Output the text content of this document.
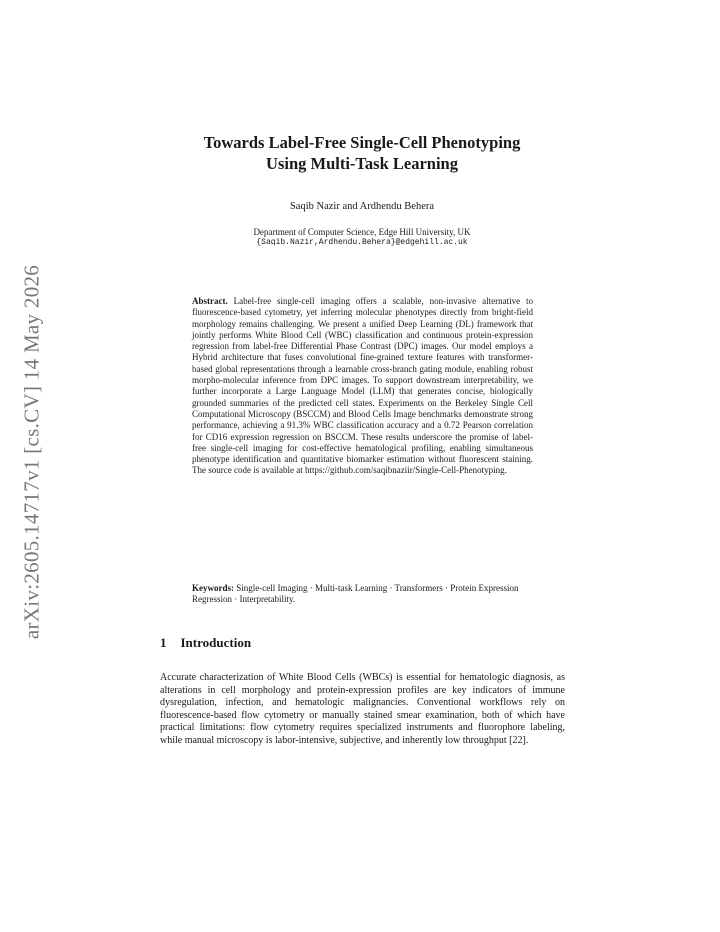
arXiv:2605.14717v1 [cs.CV] 14 May 2026
Towards Label-Free Single-Cell Phenotyping
Using Multi-Task Learning
Saqib Nazir and Ardhendu Behera
Department of Computer Science, Edge Hill University, UK
{Saqib.Nazir,Ardhendu.Behera}@edgehill.ac.uk
Abstract. Label-free single-cell imaging offers a scalable, non-invasive alternative to fluorescence-based cytometry, yet inferring molecular phenotypes directly from bright-field morphology remains challenging. We present a unified Deep Learning (DL) framework that jointly performs White Blood Cell (WBC) classification and continuous protein-expression regression from label-free Differential Phase Contrast (DPC) images. Our model employs a Hybrid architecture that fuses convolutional fine-grained texture features with transformer-based global representations through a learnable cross-branch gating module, enabling robust morpho-molecular inference from DPC images. To support downstream interpretability, we further incorporate a Large Language Model (LLM) that generates concise, biologically grounded summaries of the predicted cell states. Experiments on the Berkeley Single Cell Computational Microscopy (BSCCM) and Blood Cells Image benchmarks demonstrate strong performance, achieving a 91.3% WBC classification accuracy and a 0.72 Pearson correlation for CD16 expression regression on BSCCM. These results underscore the promise of label-free single-cell imaging for cost-effective hematological profiling, enabling simultaneous phenotype identification and quantitative biomarker estimation without fluorescent staining. The source code is available at https://github.com/saqibnaziir/Single-Cell-Phenotyping.
Keywords: Single-cell Imaging · Multi-task Learning · Transformers · Protein Expression Regression · Interpretability.
1 Introduction
Accurate characterization of White Blood Cells (WBCs) is essential for hematologic diagnosis, as alterations in cell morphology and protein-expression profiles are key indicators of immune dysregulation, infection, and hematologic malignancies. Conventional workflows rely on fluorescence-based flow cytometry or manually stained smear examination, both of which have practical limitations: flow cytometry requires specialized instruments and fluorophore labeling, while manual microscopy is labor-intensive, subjective, and inherently low throughput [22].
